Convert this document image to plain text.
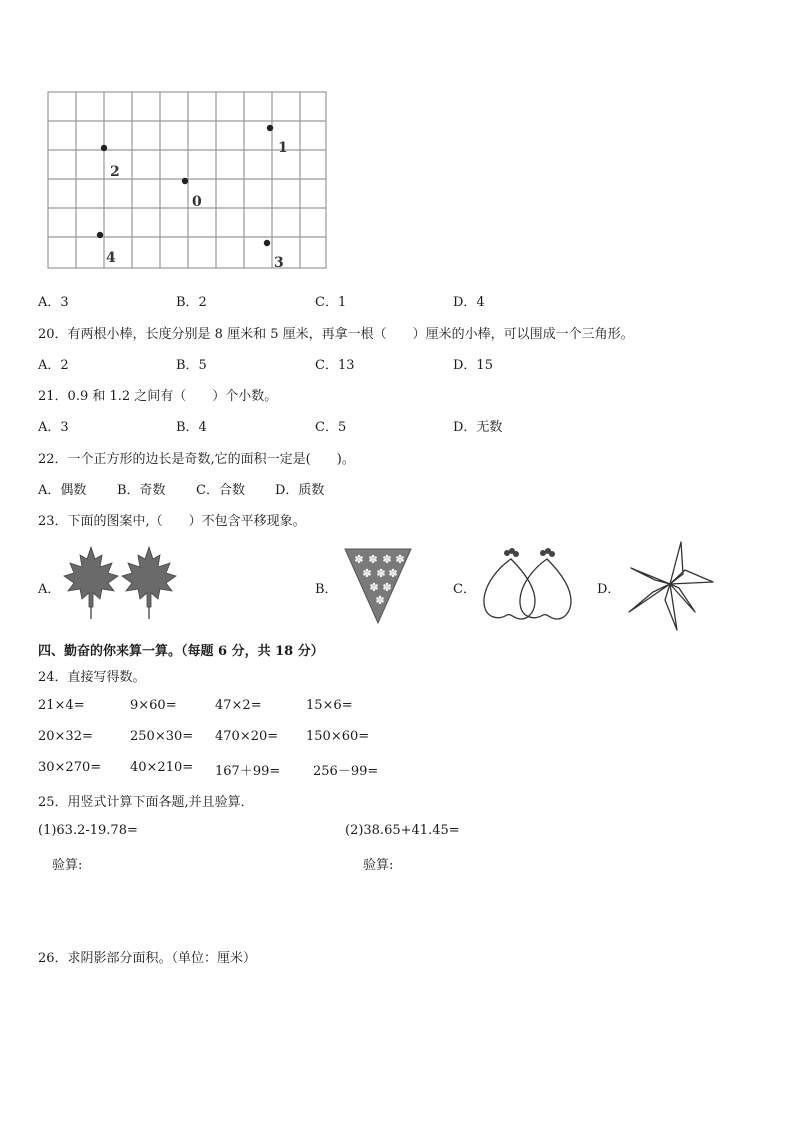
1
2
0
4	3
A．3	B．2	C．1	D．4
20．有两根小棒，长度分别是 8 厘米和 5 厘米，再拿一根（　　）厘米的小棒，可以围成一个三角形。
A．2	B．5	C．13	D．15
21．0.9 和 1.2 之间有（　　）个小数。
A．3	B．4	C．5	D．无数
22．一个正方形的边长是奇数,它的面积一定是(　　)。
A．偶数 B．奇数 C．合数 D．质数
23．下面的图案中,（　　）不包含平移现象。
A．	B．
✽ ✽ ✽ ✽
✽ ✽ ✽
✽ ✽
✽
C．	D．
四、勤奋的你来算一算。（每题 6 分，共 18 分）
24．直接写得数。
21×4=	9×60=	47×2=	15×6=
20×32=	250×30= 470×20= 150×60=
30×270= 40×210= 167＋99=	256－99=
25．用竖式计算下面各题,并且验算．
(1)63.2-19.78=	(2)38.65+41.45=
验算:	验算:
26．求阴影部分面积。（单位：厘米）
